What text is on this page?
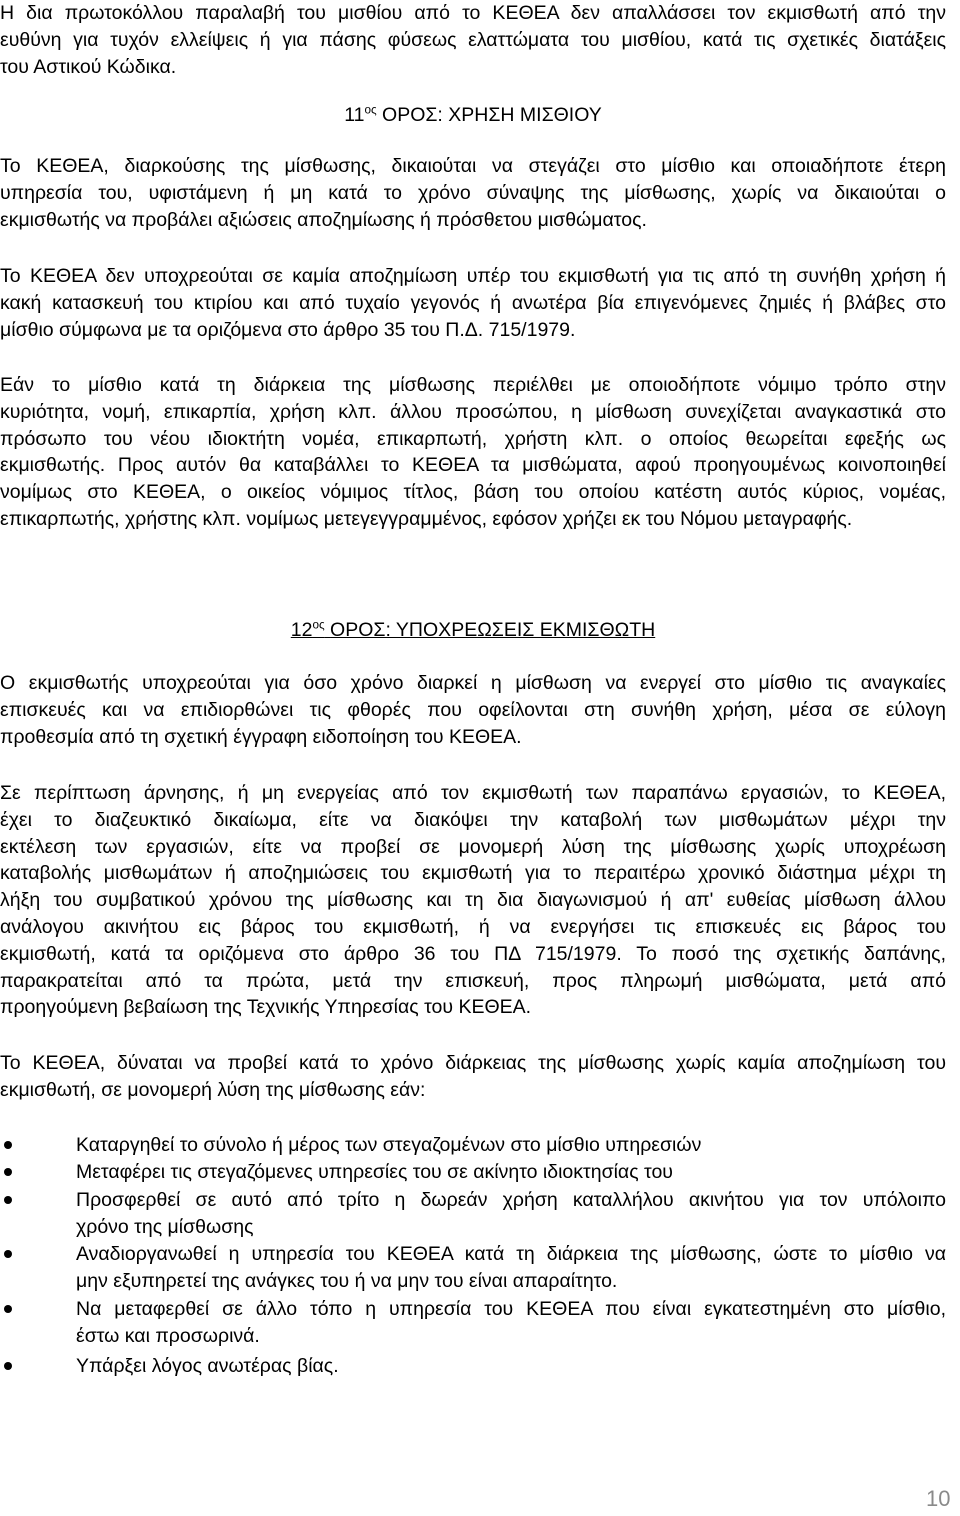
Η δια πρωτοκόλλου παραλαβή του μισθίου από το ΚΕΘΕΑ δεν απαλλάσσει τον εκμισθωτή από την
ευθύνη για τυχόν ελλείψεις ή για πάσης φύσεως ελαττώματα του μισθίου, κατά τις σχετικές διατάξεις
του Αστικού Κώδικα.
$11^{o\varsigma}$ ΟΡΟΣ: ΧΡΗΣΗ ΜΙΣΘΙΟΥ
Το ΚΕΘΕΑ, διαρκούσης της μίσθωσης, δικαιούται να στεγάζει στο μίσθιο και οποιαδήποτε έτερη
υπηρεσία του, υφιστάμενη ή μη κατά το χρόνο σύναψης της μίσθωσης, χωρίς να δικαιούται ο
εκμισθωτής να προβάλει αξιώσεις αποζημίωσης ή πρόσθετου μισθώματος.
Το ΚΕΘΕΑ δεν υποχρεούται σε καμία αποζημίωση υπέρ του εκμισθωτή για τις από τη συνήθη χρήση ή
κακή κατασκευή του κτιρίου και από τυχαίο γεγονός ή ανωτέρα βία επιγενόμενες ζημιές ή βλάβες στο
μίσθιο σύμφωνα με τα οριζόμενα στο άρθρο 35 του Π.Δ. 715/1979.
Εάν το μίσθιο κατά τη διάρκεια της μίσθωσης περιέλθει με οποιοδήποτε νόμιμο τρόπο στην
κυριότητα, νομή, επικαρπία, χρήση κλπ. άλλου προσώπου, η μίσθωση συνεχίζεται αναγκαστικά στο
πρόσωπο του νέου ιδιοκτήτη νομέα, επικαρπωτή, χρήστη κλπ. ο οποίος θεωρείται εφεξής ως
εκμισθωτής. Προς αυτόν θα καταβάλλει το ΚΕΘΕΑ τα μισθώματα, αφού προηγουμένως κοινοποιηθεί
νομίμως στο ΚΕΘΕΑ, ο οικείος νόμιμος τίτλος, βάση του οποίου κατέστη αυτός κύριος, νομέας,
επικαρπωτής, χρήστης κλπ. νομίμως μετεγεγγραμμένος, εφόσον χρήζει εκ του Νόμου μεταγραφής.
$12^{o\varsigma}$ ΟΡΟΣ: ΥΠΟΧΡΕΩΣΕΙΣ ΕΚΜΙΣΘΩΤΗ
Ο εκμισθωτής υποχρεούται για όσο χρόνο διαρκεί η μίσθωση να ενεργεί στο μίσθιο τις αναγκαίες
επισκευές και να επιδιορθώνει τις φθορές που οφείλονται στη συνήθη χρήση, μέσα σε εύλογη
προθεσμία από τη σχετική έγγραφη ειδοποίηση του ΚΕΘΕΑ.
Σε περίπτωση άρνησης, ή μη ενεργείας από τον εκμισθωτή των παραπάνω εργασιών, το ΚΕΘΕΑ,
έχει το διαζευκτικό δικαίωμα, είτε να διακόψει την καταβολή των μισθωμάτων μέχρι την
εκτέλεση των εργασιών, είτε να προβεί σε μονομερή λύση της μίσθωσης χωρίς υποχρέωση
καταβολής μισθωμάτων ή αποζημιώσεις του εκμισθωτή για το περαιτέρω χρονικό διάστημα μέχρι τη
λήξη του συμβατικού χρόνου της μίσθωσης και τη δια διαγωνισμού ή απ' ευθείας μίσθωση άλλου
ανάλογου ακινήτου εις βάρος του εκμισθωτή, ή να ενεργήσει τις επισκευές εις βάρος του
εκμισθωτή, κατά τα οριζόμενα στο άρθρο 36 του ΠΔ 715/1979. Το ποσό της σχετικής δαπάνης,
παρακρατείται από τα πρώτα, μετά την επισκευή, προς πληρωμή μισθώματα, μετά από
προηγούμενη βεβαίωση της Τεχνικής Υπηρεσίας του ΚΕΘΕΑ.
Το ΚΕΘΕΑ, δύναται να προβεί κατά το χρόνο διάρκειας της μίσθωσης χωρίς καμία αποζημίωση του
εκμισθωτή, σε μονομερή λύση της μίσθωσης εάν:
Καταργηθεί το σύνολο ή μέρος των στεγαζομένων στο μίσθιο υπηρεσιών
Μεταφέρει τις στεγαζόμενες υπηρεσίες του σε ακίνητο ιδιοκτησίας του
Προσφερθεί σε αυτό από τρίτο η δωρεάν χρήση καταλλήλου ακινήτου για τον υπόλοιπο
χρόνο της μίσθωσης
Αναδιοργανωθεί η υπηρεσία του ΚΕΘΕΑ κατά τη διάρκεια της μίσθωσης, ώστε το μίσθιο να
μην εξυπηρετεί της ανάγκες του ή να μην του είναι απαραίτητο.
Να μεταφερθεί σε άλλο τόπο η υπηρεσία του ΚΕΘΕΑ που είναι εγκατεστημένη στο μίσθιο,
έστω και προσωρινά.
Υπάρξει λόγος ανωτέρας βίας.
10
